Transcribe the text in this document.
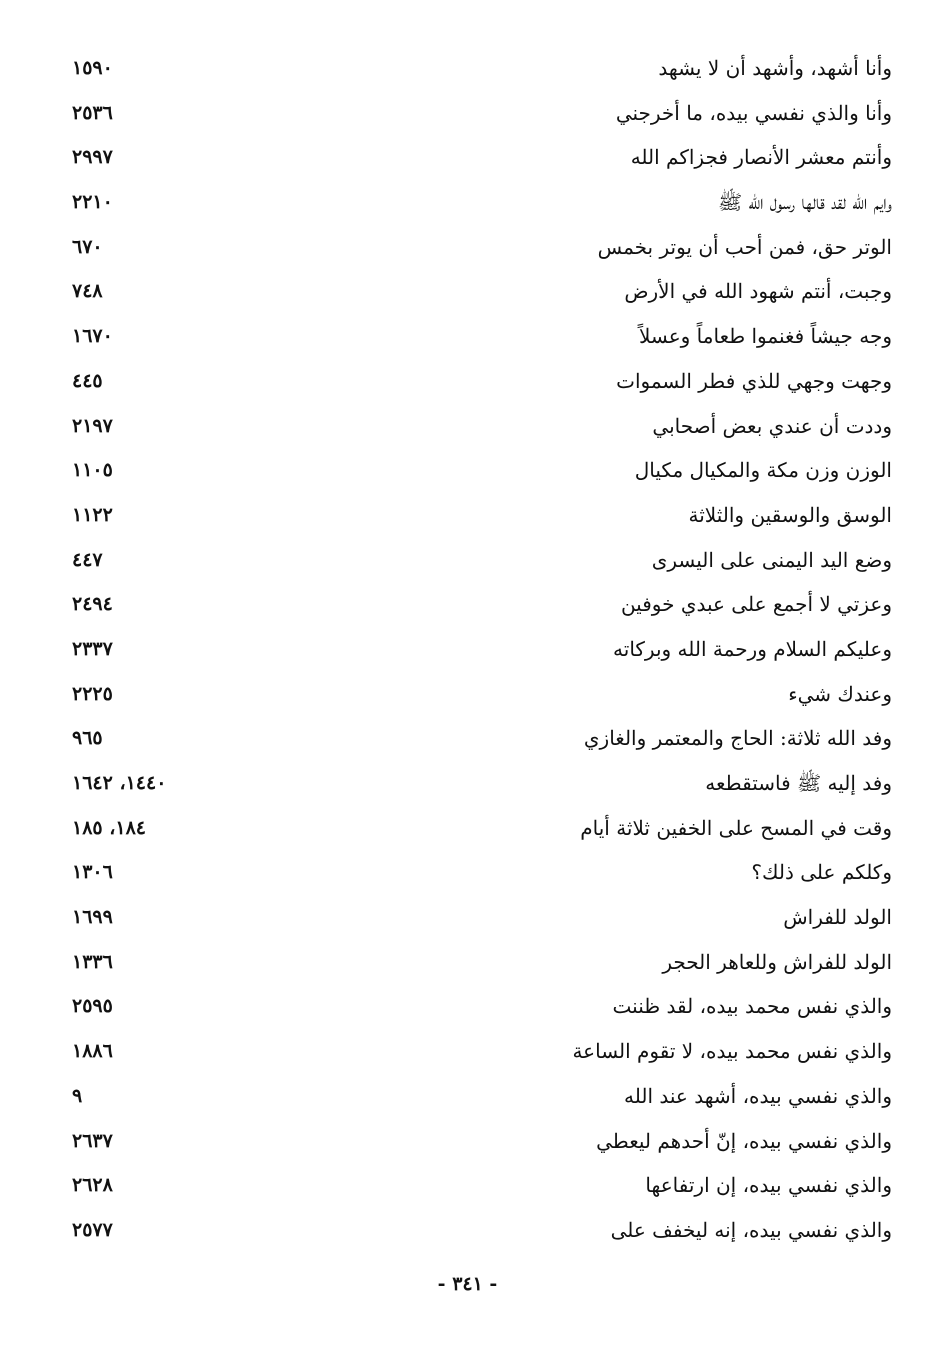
وأنا أشهد، وأشهد أن لا يشهد
١٥٩٠
وأنا والذي نفسي بيده، ما أخرجني
٢٥٣٦
وأنتم معشر الأنصار فجزاكم الله
٢٩٩٧
وايم الله لقد قالها رسول الله ﷺ
٢٢١٠
الوتر حق، فمن أحب أن يوتر بخمس
٦٧٠
وجبت، أنتم شهود الله في الأرض
٧٤٨
وجه جيشاً فغنموا طعاماً وعسلاً
١٦٧٠
وجهت وجهي للذي فطر السموات
٤٤٥
وددت أن عندي بعض أصحابي
٢١٩٧
الوزن وزن مكة والمكيال مكيال
١١٠٥
الوسق والوسقين والثلاثة
١١٢٢
وضع اليد اليمنى على اليسرى
٤٤٧
وعزتي لا أجمع على عبدي خوفين
٢٤٩٤
وعليكم السلام ورحمة الله وبركاته
٢٣٣٧
وعندك شيء
٢٢٢٥
وفد الله ثلاثة: الحاج والمعتمر والغازي
٩٦٥
وفد إليه ﷺ فاستقطعه
١٤٤٠، ١٦٤٢
وقت في المسح على الخفين ثلاثة أيام
١٨٤، ١٨٥
وكلكم على ذلك؟
١٣٠٦
الولد للفراش
١٦٩٩
الولد للفراش وللعاهر الحجر
١٣٣٦
والذي نفس محمد بيده، لقد ظننت
٢٥٩٥
والذي نفس محمد بيده، لا تقوم الساعة
١٨٨٦
والذي نفسي بيده، أشهد عند الله
٩
والذي نفسي بيده، إنّ أحدهم ليعطي
٢٦٣٧
والذي نفسي بيده، إن ارتفاعها
٢٦٢٨
والذي نفسي بيده، إنه ليخفف على
٢٥٧٧
- ٣٤١ -
